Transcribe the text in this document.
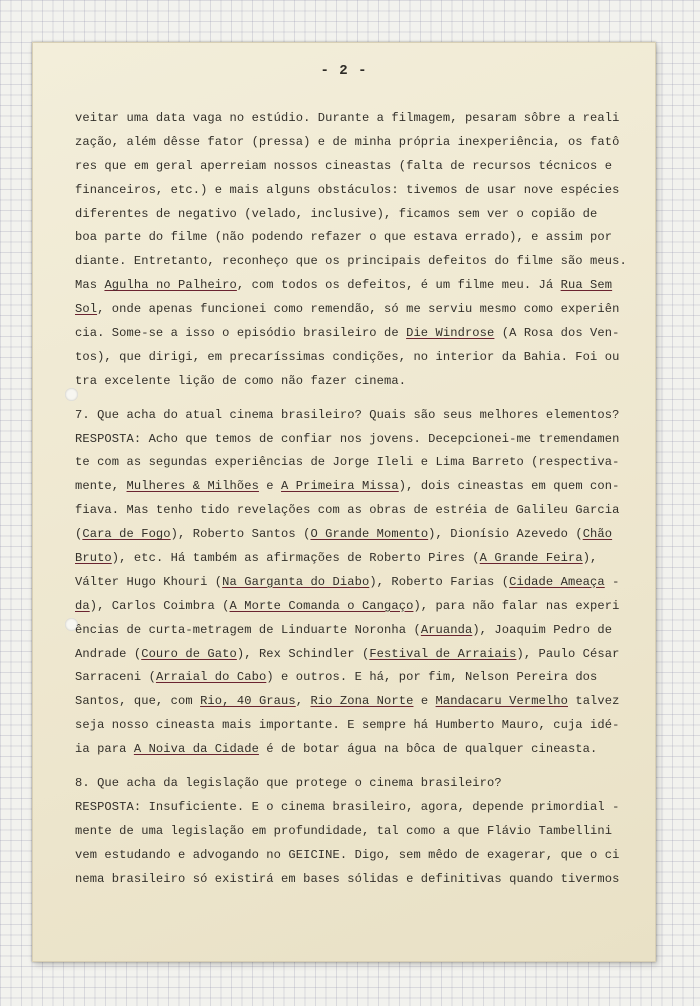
- 2 -
veitar uma data vaga no estúdio. Durante a filmagem, pesaram sôbre a reali
zação, além dêsse fator (pressa) e de minha própria inexperiência, os fatô
res que em geral aperreiam nossos cineastas (falta de recursos técnicos e
financeiros, etc.) e mais alguns obstáculos: tivemos de usar nove espécies
diferentes de negativo (velado, inclusive), ficamos sem ver o copião de
boa parte do filme (não podendo refazer o que estava errado), e assim por
diante. Entretanto, reconheço que os principais defeitos do filme são meus.
Mas Agulha no Palheiro, com todos os defeitos, é um filme meu. Já Rua Sem
Sol, onde apenas funcionei como remendão, só me serviu mesmo como experiên
cia. Some-se a isso o episódio brasileiro de Die Windrose (A Rosa dos Ven-
tos), que dirigi, em precaríssimas condições, no interior da Bahia. Foi ou
tra excelente lição de como não fazer cinema.
7. Que acha do atual cinema brasileiro? Quais são seus melhores elementos?
RESPOSTA: Acho que temos de confiar nos jovens. Decepcionei-me tremendamen
te com as segundas experiências de Jorge Ileli e Lima Barreto (respectiva-
mente, Mulheres & Milhões e A Primeira Missa), dois cineastas em quem con-
fiava. Mas tenho tido revelações com as obras de estréia de Galileu Garcia
(Cara de Fogo), Roberto Santos (O Grande Momento), Dionísio Azevedo (Chão
Bruto), etc. Há também as afirmações de Roberto Pires (A Grande Feira),
Válter Hugo Khouri (Na Garganta do Diabo), Roberto Farias (Cidade Ameaça -
da), Carlos Coimbra (A Morte Comanda o Cangaço), para não falar nas experi
ências de curta-metragem de Linduarte Noronha (Aruanda), Joaquim Pedro de
Andrade (Couro de Gato), Rex Schindler (Festival de Arraiais), Paulo César
Sarraceni (Arraial do Cabo) e outros. E há, por fim, Nelson Pereira dos
Santos, que, com Rio, 40 Graus, Rio Zona Norte e Mandacaru Vermelho talvez
seja nosso cineasta mais importante. E sempre há Humberto Mauro, cuja idé-
ia para A Noiva da Cidade é de botar água na bôca de qualquer cineasta.
8. Que acha da legislação que protege o cinema brasileiro?
RESPOSTA: Insuficiente. E o cinema brasileiro, agora, depende primordial -
mente de uma legislação em profundidade, tal como a que Flávio Tambellini
vem estudando e advogando no GEICINE. Digo, sem mêdo de exagerar, que o ci
nema brasileiro só existirá em bases sólidas e definitivas quando tivermos
